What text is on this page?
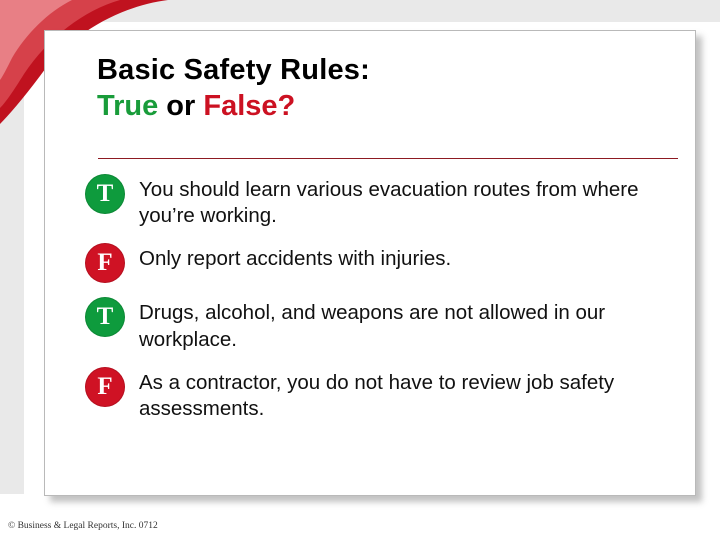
Basic Safety Rules:
True or False?
T	You should learn various evacuation routes from where you’re working.
F	Only report accidents with injuries.
T	Drugs, alcohol, and weapons are not allowed in our workplace.
F	As a contractor, you do not have to review job safety assessments.
© Business & Legal Reports, Inc. 0712
